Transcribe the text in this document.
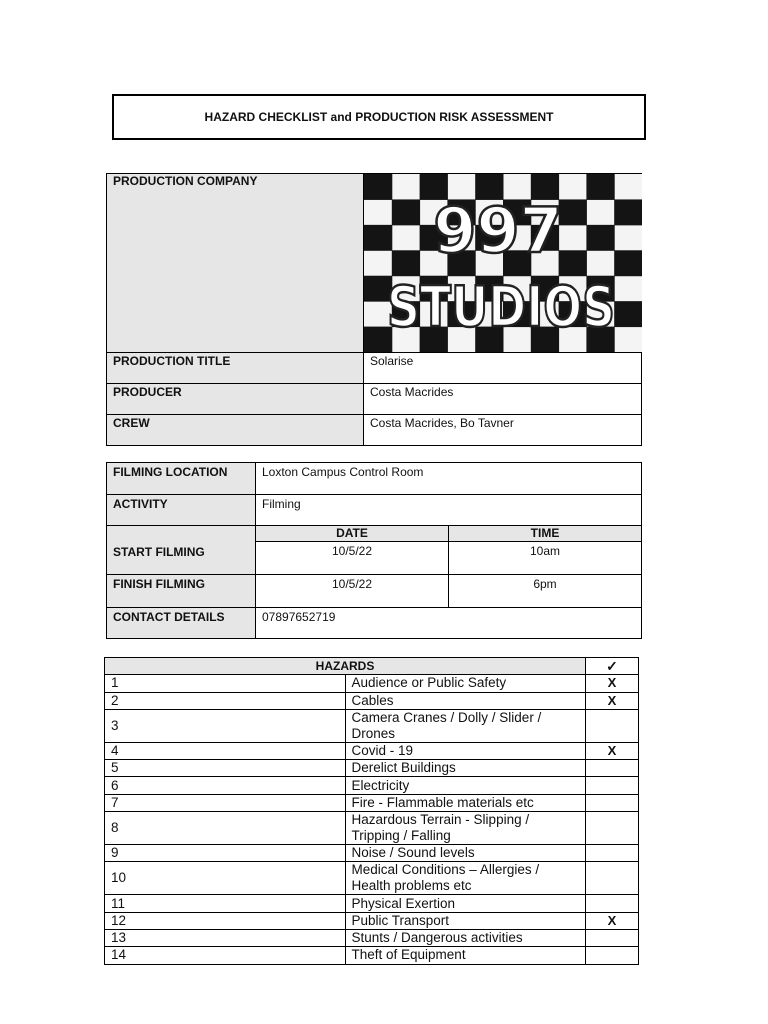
HAZARD CHECKLIST and PRODUCTION RISK ASSESSMENT
PRODUCTION COMPANY	997
STUDIOS

PRODUCTION TITLE	Solarise
PRODUCER	Costa Macrides
CREW	Costa Macrides, Bo Tavner
FILMING LOCATION	Loxton Campus Control Room	
ACTIVITY	Filming	
START FILMING	DATE	TIME
	10/5/22	10am
FINISH FILMING	10/5/22	6pm
CONTACT DETAILS	07897652719	
HAZARDS		✓
1	Audience or Public Safety	X
2	Cables	X
3	Camera Cranes / Dolly / Slider / Drones	
4	Covid - 19	X
5	Derelict Buildings	
6	Electricity	
7	Fire - Flammable materials etc	
8	Hazardous Terrain - Slipping / Tripping / Falling	
9	Noise / Sound levels	
10	Medical Conditions – Allergies / Health problems etc	
11	Physical Exertion	
12	Public Transport	X
13	Stunts / Dangerous activities	
14	Theft of Equipment	
